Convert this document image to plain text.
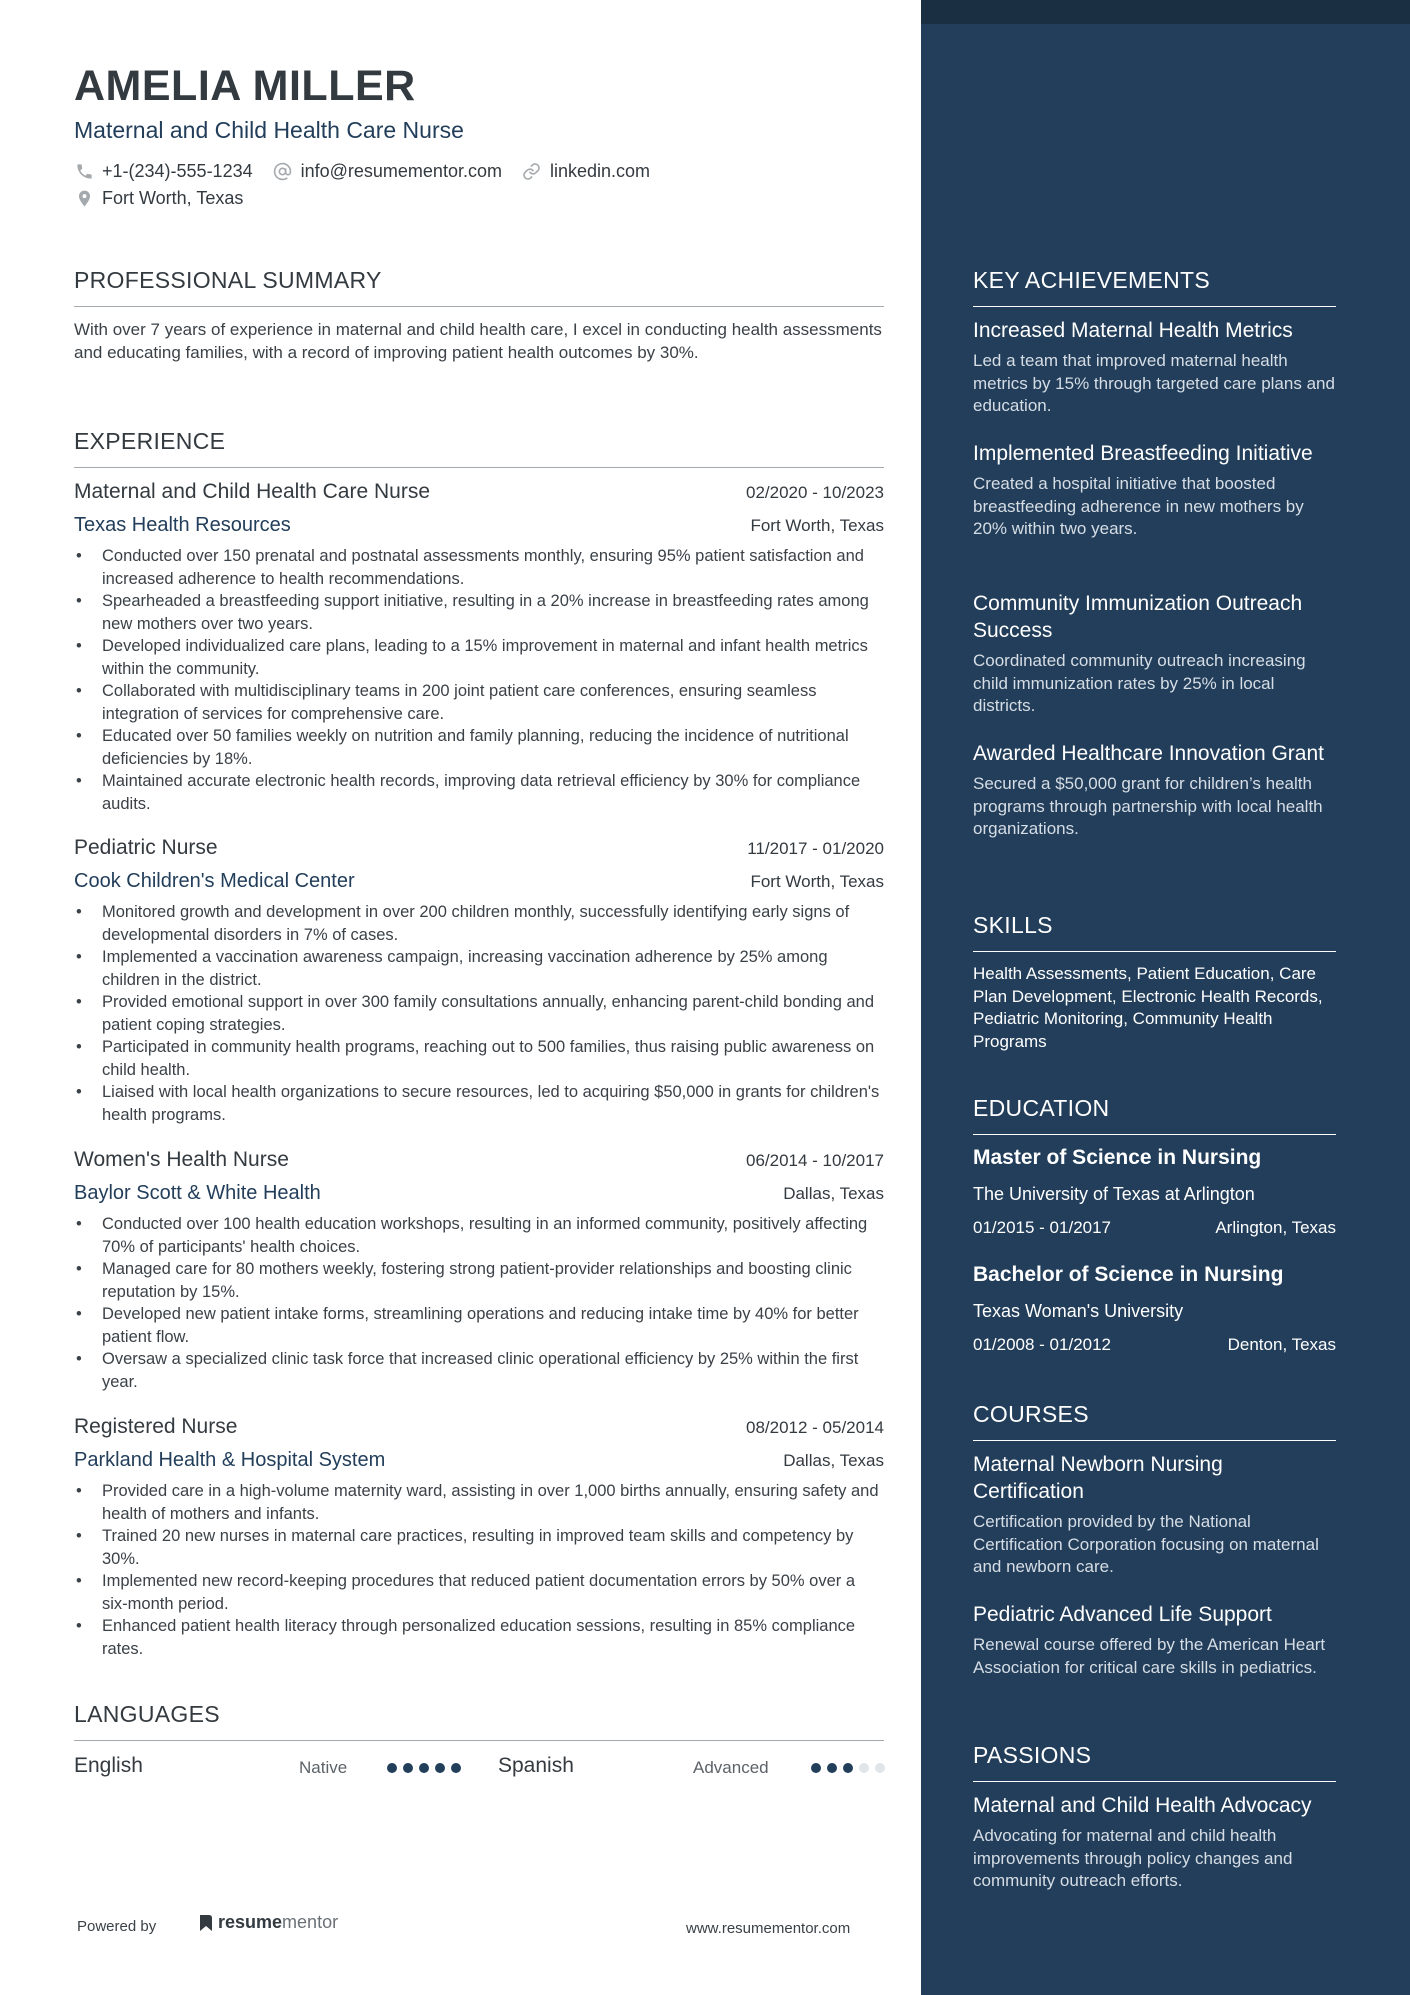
AMELIA MILLER
Maternal and Child Health Care Nurse
+1-(234)-555-1234	info@resumementor.com	linkedin.com
Fort Worth, Texas
PROFESSIONAL SUMMARY

With over 7 years of experience in maternal and child health care, I excel in conducting health assessments and educating families, with a record of improving patient health outcomes by 30%.

EXPERIENCE
Maternal and Child Health Care Nurse	02/2020 - 10/2023
Texas Health Resources	Fort Worth, Texas
• Conducted over 150 prenatal and postnatal assessments monthly, ensuring 95% patient satisfaction and increased adherence to health recommendations.
• Spearheaded a breastfeeding support initiative, resulting in a 20% increase in breastfeeding rates among new mothers over two years.
• Developed individualized care plans, leading to a 15% improvement in maternal and infant health metrics within the community.
• Collaborated with multidisciplinary teams in 200 joint patient care conferences, ensuring seamless integration of services for comprehensive care.
• Educated over 50 families weekly on nutrition and family planning, reducing the incidence of nutritional deficiencies by 18%.
• Maintained accurate electronic health records, improving data retrieval efficiency by 30% for compliance audits.
Pediatric Nurse	11/2017 - 01/2020
Cook Children's Medical Center	Fort Worth, Texas
• Monitored growth and development in over 200 children monthly, successfully identifying early signs of developmental disorders in 7% of cases.
• Implemented a vaccination awareness campaign, increasing vaccination adherence by 25% among children in the district.
• Provided emotional support in over 300 family consultations annually, enhancing parent-child bonding and patient coping strategies.
• Participated in community health programs, reaching out to 500 families, thus raising public awareness on child health.
• Liaised with local health organizations to secure resources, led to acquiring $50,000 in grants for children's health programs.
Women's Health Nurse	06/2014 - 10/2017
Baylor Scott & White Health	Dallas, Texas
• Conducted over 100 health education workshops, resulting in an informed community, positively affecting 70% of participants' health choices.
• Managed care for 80 mothers weekly, fostering strong patient-provider relationships and boosting clinic reputation by 15%.
• Developed new patient intake forms, streamlining operations and reducing intake time by 40% for better patient flow.
• Oversaw a specialized clinic task force that increased clinic operational efficiency by 25% within the first year.
Registered Nurse	08/2012 - 05/2014
Parkland Health & Hospital System	Dallas, Texas
• Provided care in a high-volume maternity ward, assisting in over 1,000 births annually, ensuring safety and health of mothers and infants.
• Trained 20 new nurses in maternal care practices, resulting in improved team skills and competency by 30%.
• Implemented new record-keeping procedures that reduced patient documentation errors by 50% over a six-month period.
• Enhanced patient health literacy through personalized education sessions, resulting in 85% compliance rates.
LANGUAGES
English	Native	Spanish	Advanced
Powered by	resumementor	www.resumementor.com
KEY ACHIEVEMENTS
Increased Maternal Health Metrics
Led a team that improved maternal health metrics by 15% through targeted care plans and education.
Implemented Breastfeeding Initiative
Created a hospital initiative that boosted breastfeeding adherence in new mothers by 20% within two years.
Community Immunization Outreach Success
Coordinated community outreach increasing child immunization rates by 25% in local districts.
Awarded Healthcare Innovation Grant
Secured a $50,000 grant for children’s health programs through partnership with local health organizations.
SKILLS
Health Assessments, Patient Education, Care Plan Development, Electronic Health Records, Pediatric Monitoring, Community Health Programs
EDUCATION
Master of Science in Nursing
The University of Texas at Arlington
01/2015 - 01/2017	Arlington, Texas
Bachelor of Science in Nursing
Texas Woman's University
01/2008 - 01/2012	Denton, Texas
COURSES
Maternal Newborn Nursing Certification
Certification provided by the National Certification Corporation focusing on maternal and newborn care.
Pediatric Advanced Life Support
Renewal course offered by the American Heart Association for critical care skills in pediatrics.
PASSIONS
Maternal and Child Health Advocacy
Advocating for maternal and child health improvements through policy changes and community outreach efforts.
